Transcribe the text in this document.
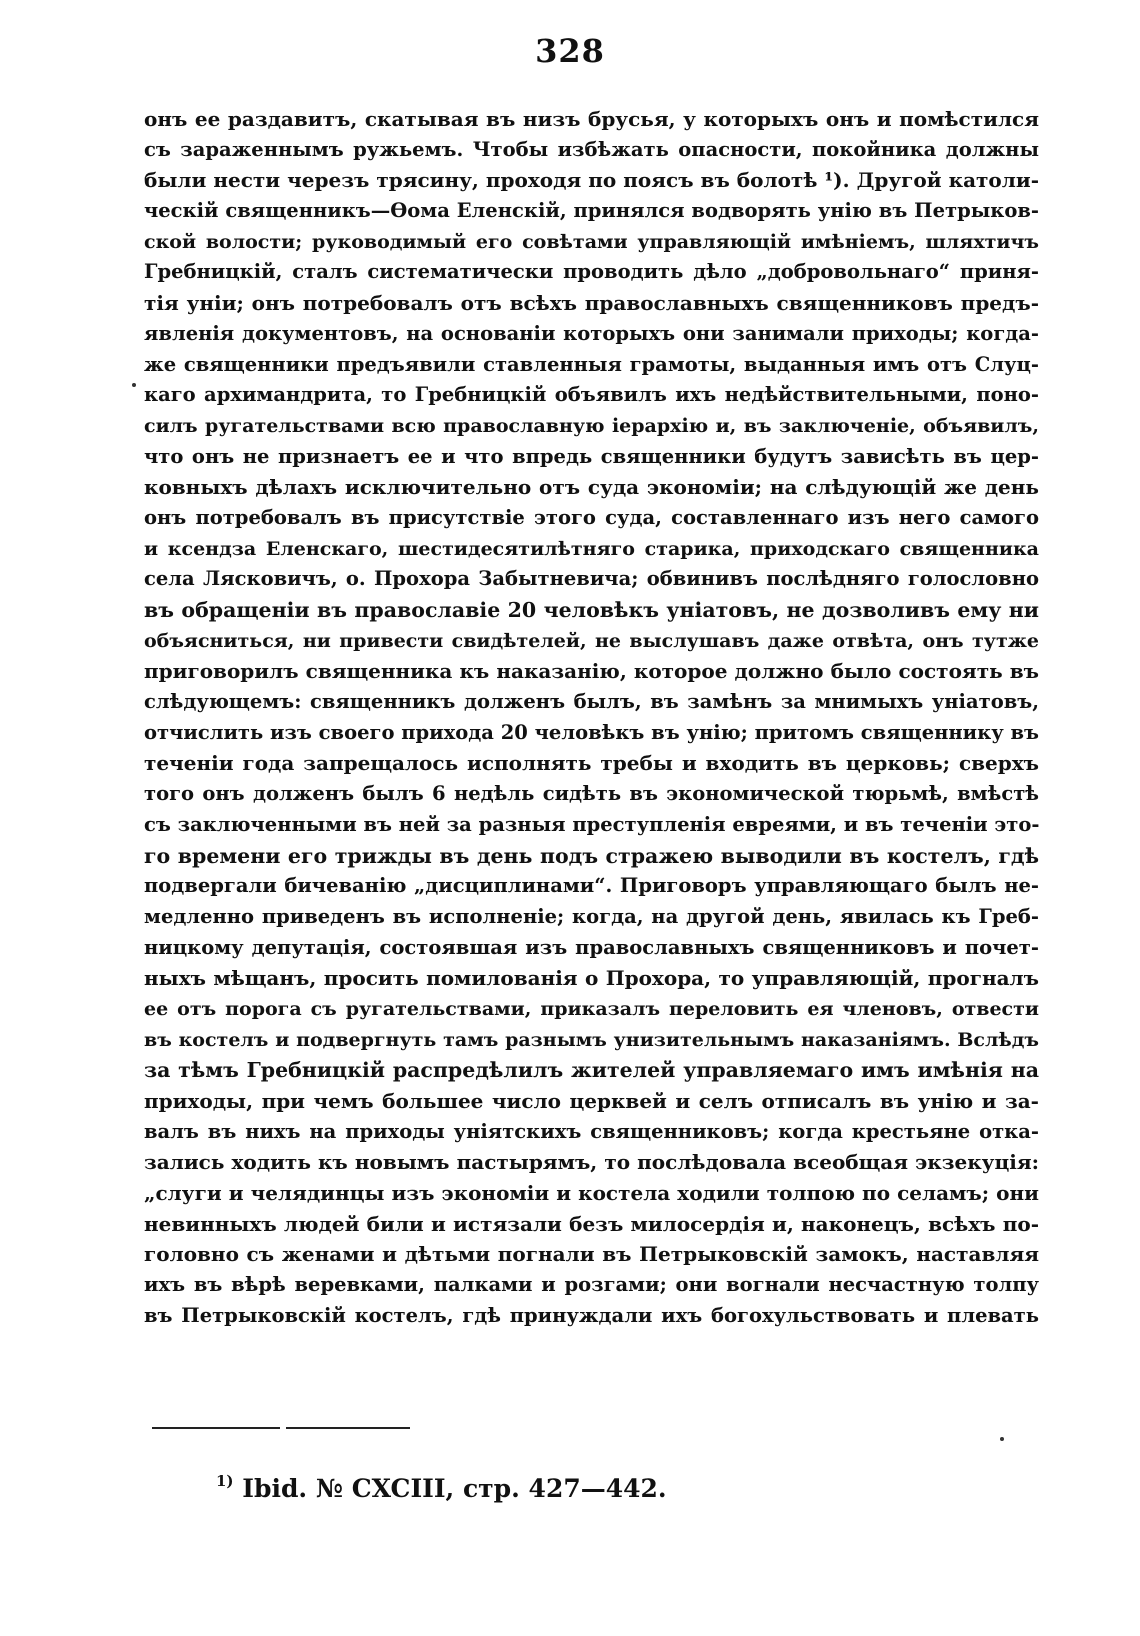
328
онъ ее раздавитъ, скатывая въ низъ брусья, у которыхъ онъ и помѣстился
съ зараженнымъ ружьемъ. Чтобы избѣжать опасности, покойника должны
были нести черезъ трясину, проходя по поясъ въ болотѣ ¹). Другой католи-
ческій священникъ—Ѳома Еленскій, принялся водворять унію въ Петрыков-
ской волости; руководимый его совѣтами управляющій имѣніемъ, шляхтичъ
Гребницкій, сталъ систематически проводить дѣло „добровольнаго“ приня-
тія уніи; онъ потребовалъ отъ всѣхъ православныхъ священниковъ предъ-
явленія документовъ, на основаніи которыхъ они занимали приходы; когда-
же священники предъявили ставленныя грамоты, выданныя имъ отъ Слуц-
каго архимандрита, то Гребницкій объявилъ ихъ недѣйствительными, поно-
силъ ругательствами всю православную іерархію и, въ заключеніе, объявилъ,
что онъ не признаетъ ее и что впредь священники будутъ зависѣть въ цер-
ковныхъ дѣлахъ исключительно отъ суда экономіи; на слѣдующій же день
онъ потребовалъ въ присутствіе этого суда, составленнаго изъ него самого
и ксендза Еленскаго, шестидесятилѣтняго старика, приходскаго священника
села Лясковичъ, о. Прохора Забытневича; обвинивъ послѣдняго голословно
въ обращеніи въ православіе 20 человѣкъ уніатовъ, не дозволивъ ему ни
объясниться, ни привести свидѣтелей, не выслушавъ даже отвѣта, онъ тутже
приговорилъ священника къ наказанію, которое должно было состоять въ
слѣдующемъ: священникъ долженъ былъ, въ замѣнъ за мнимыхъ уніатовъ,
отчислить изъ своего прихода 20 человѣкъ въ унію; притомъ священнику въ
теченіи года запрещалось исполнять требы и входить въ церковь; сверхъ
того онъ долженъ былъ 6 недѣль сидѣть въ экономической тюрьмѣ, вмѣстѣ
съ заключенными въ ней за разныя преступленія евреями, и въ теченіи это-
го времени его трижды въ день подъ стражею выводили въ костелъ, гдѣ
подвергали бичеванію „дисциплинами“. Приговоръ управляющаго былъ не-
медленно приведенъ въ исполненіе; когда, на другой день, явилась къ Греб-
ницкому депутація, состоявшая изъ православныхъ священниковъ и почет-
ныхъ мѣщанъ, просить помилованія о Прохора, то управляющій, прогналъ
ее отъ порога съ ругательствами, приказалъ переловить ея членовъ, отвести
въ костелъ и подвергнуть тамъ разнымъ унизительнымъ наказаніямъ. Вслѣдъ
за тѣмъ Гребницкій распредѣлилъ жителей управляемаго имъ имѣнія на
приходы, при чемъ большее число церквей и селъ отписалъ въ унію и за-
валъ въ нихъ на приходы уніятскихъ священниковъ; когда крестьяне отка-
зались ходить къ новымъ пастырямъ, то послѣдовала всеобщая экзекуція:
„слуги и челядинцы изъ экономіи и костела ходили толпою по селамъ; они
невинныхъ людей били и истязали безъ милосердія и, наконецъ, всѣхъ по-
головно съ женами и дѣтьми погнали въ Петрыковскій замокъ, наставляя
ихъ въ вѣрѣ веревками, палками и розгами; они вогнали несчастную толпу
въ Петрыковскій костелъ, гдѣ принуждали ихъ богохульствовать и плевать
$^{1)}$ Ibid. № CXCIII, стр. 427—442.
